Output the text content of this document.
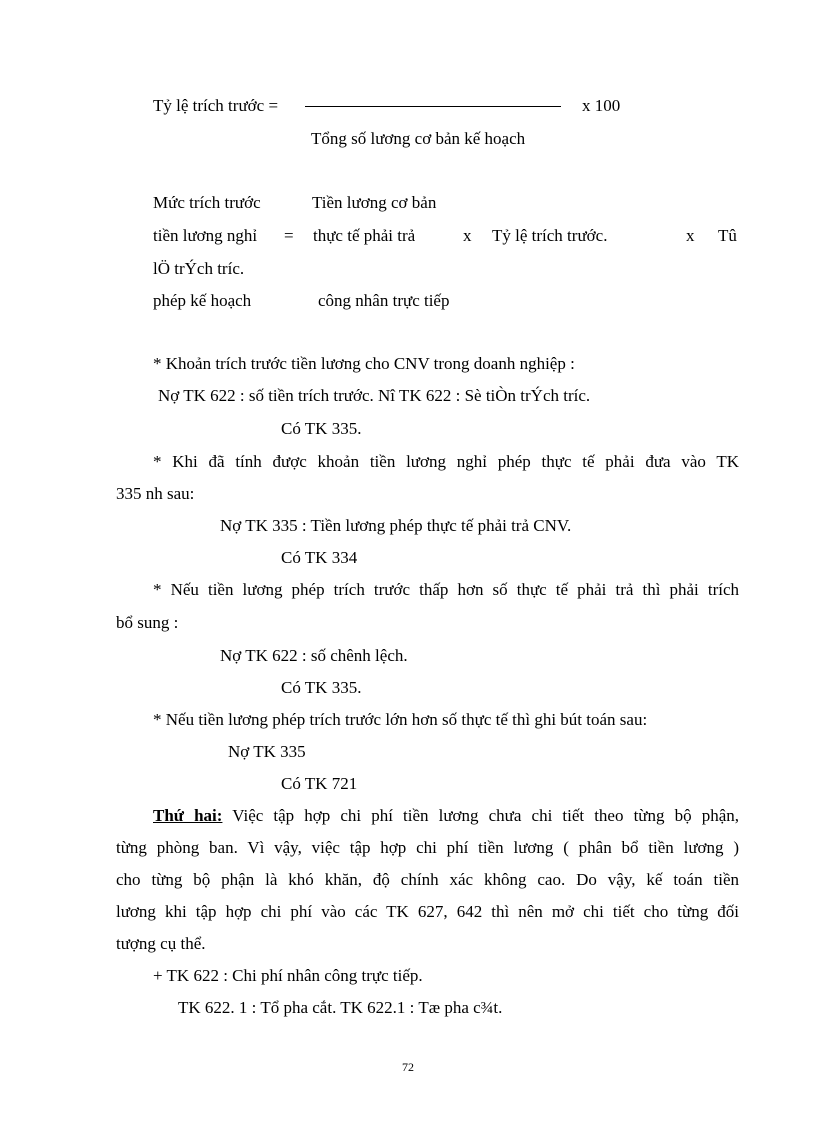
Tỷ lệ trích trước =	x 100
Tổng số lương cơ bản kế hoạch
Mức trích trước	Tiền lương cơ bản
tiền lương nghỉ = thực tế phải trả	x Tỷ lệ trích trước.	x Tû
lÖ trÝch tríc.
phép kế hoạch	công nhân trực tiếp
* Khoản trích trước tiền lương cho CNV trong doanh nghiệp :
Nợ TK 622 : số tiền trích trước. Nî TK 622 : Sè tiÒn trÝch tríc.
Có TK 335.
* Khi đã tính được khoản tiền lương nghỉ phép thực tế phải đưa vào TK
335 nh sau:
Nợ TK 335 : Tiền lương phép thực tế phải trả CNV.
Có TK 334
* Nếu tiền lương phép trích trước thấp hơn số thực tế phải trả thì phải trích
bổ sung :
Nợ TK 622 : số chênh lệch.
Có TK 335.
* Nếu tiền lương phép trích trước lớn hơn số thực tế thì ghi bút toán sau:
Nợ TK 335
Có TK 721
Thứ hai: Việc tập hợp chi phí tiền lương chưa chi tiết theo từng bộ phận,
từng phòng ban. Vì vậy, việc tập hợp chi phí tiền lương ( phân bổ tiền lương )
cho từng bộ phận là khó khăn, độ chính xác không cao. Do vậy, kế toán tiền
lương khi tập hợp chi phí vào các TK 627, 642 thì nên mở chi tiết cho từng đối
tượng cụ thể.
+ TK 622 : Chi phí nhân công trực tiếp.
TK 622. 1 : Tổ pha cắt. TK 622.1 : Tæ pha c¾t.
72
